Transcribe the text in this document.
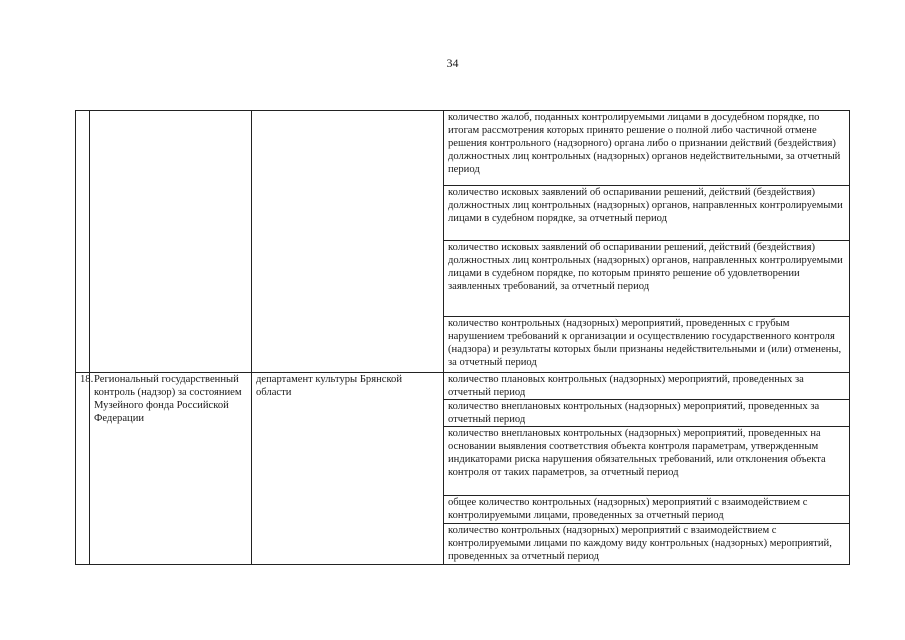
34
			количество жалоб, поданных контролируемыми лицами в досудебном порядке, по итогам рассмотрения которых принято решение о полной либо частичной отмене решения контрольного (надзорного) органа либо о признании действий (бездействия) должностных лиц контрольных (надзорных) органов недействительными, за отчетный период
			количество исковых заявлений об оспаривании решений, действий (бездействия) должностных лиц контрольных (надзорных) органов, направленных контролируемыми лицами в судебном порядке, за отчетный период
			количество исковых заявлений об оспаривании решений, действий (бездействия) должностных лиц контрольных (надзорных) органов, направленных контролируемыми лицами в судебном порядке, по которым принято решение об удовлетворении заявленных требований, за отчетный период
			количество контрольных (надзорных) мероприятий, проведенных с грубым нарушением требований к организации и осуществлению государственного контроля (надзора) и результаты которых были признаны недействительными и (или) отменены, за отчетный период
18.	Региональный государственный контроль (надзор) за состоянием Музейного фонда Российской Федерации	департамент культуры Брянской области	количество плановых контрольных (надзорных) мероприятий, проведенных за отчетный период
			количество внеплановых контрольных (надзорных) мероприятий, проведенных за отчетный период
			количество внеплановых контрольных (надзорных) мероприятий, проведенных на основании выявления соответствия объекта контроля параметрам, утвержденным индикаторами риска нарушения обязательных требований, или отклонения объекта контроля от таких параметров, за отчетный период
			общее количество контрольных (надзорных) мероприятий с взаимодействием с контролируемыми лицами, проведенных за отчетный период
			количество контрольных (надзорных) мероприятий с взаимодействием с контролируемыми лицами по каждому виду контрольных (надзорных) мероприятий, проведенных за отчетный период
